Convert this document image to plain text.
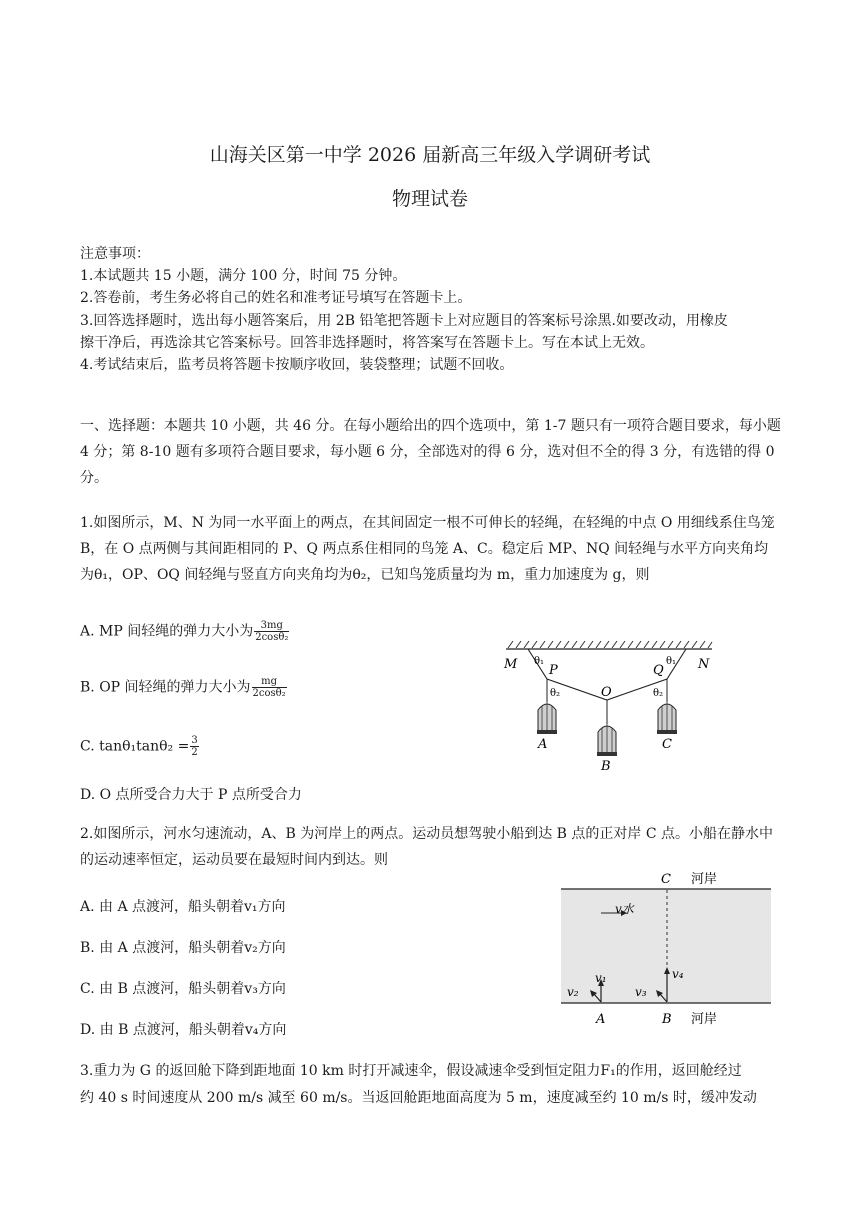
山海关区第一中学 2026 届新高三年级入学调研考试
物理试卷
注意事项：
1.本试题共 15 小题，满分 100 分，时间 75 分钟。
2.答卷前，考生务必将自己的姓名和准考证号填写在答题卡上。
3.回答选择题时，选出每小题答案后，用 2B 铅笔把答题卡上对应题目的答案标号涂黑.如要改动，用橡皮
擦干净后，再选涂其它答案标号。回答非选择题时，将答案写在答题卡上。写在本试上无效。
4.考试结束后，监考员将答题卡按顺序收回，装袋整理；试题不回收。
一、选择题：本题共 10 小题，共 46 分。在每小题给出的四个选项中，第 1-7 题只有一项符合题目要求，每小题 4 分；第 8-10 题有多项符合题目要求，每小题 6 分，全部选对的得 6 分，选对但不全的得 3 分，有选错的得 0 分。
1.如图所示，M、N 为同一水平面上的两点，在其间固定一根不可伸长的轻绳，在轻绳的中点 O 用细线系住鸟笼 B，在 O 点两侧与其间距相同的 P、Q 两点系住相同的鸟笼 A、C。稳定后 MP、NQ 间轻绳与水平方向夹角均为θ₁，OP、OQ 间轻绳与竖直方向夹角均为θ₂，已知鸟笼质量均为 m，重力加速度为 g，则
A. MP 间轻绳的弹力大小为 $\frac{3mg}{\text{2cosθ₂}}$
B. OP 间轻绳的弹力大小为 $\frac{mg}{\text{2cosθ₂}}$
C. $\tan\theta_1\tan\theta_2 = \frac{3}{2}$
D. O 点所受合力大于 P 点所受合力
M θ₁
P
θ₂	O
Q
θ₁
θ₂
N
A
B
C
2.如图所示，河水匀速流动，A、B 为河岸上的两点。运动员想驾驶小船到达 B 点的正对岸 C 点。小船在静水中的运动速率恒定，运动员要在最短时间内到达。则
A. 由 A 点渡河，船头朝着v₁方向
B. 由 A 点渡河，船头朝着v₂方向
C. 由 B 点渡河，船头朝着v₃方向
D. 由 B 点渡河，船头朝着v₄方向
v水
C 河岸
v₁
v₂	v₃
v₄
A	B 河岸
3.重力为 G 的返回舱下降到距地面 10 km 时打开减速伞，假设减速伞受到恒定阻力F₁的作用，返回舱经过
约 40 s 时间速度从 200 m/s 减至 60 m/s。当返回舱距地面高度为 5 m，速度减至约 10 m/s 时，缓冲发动
